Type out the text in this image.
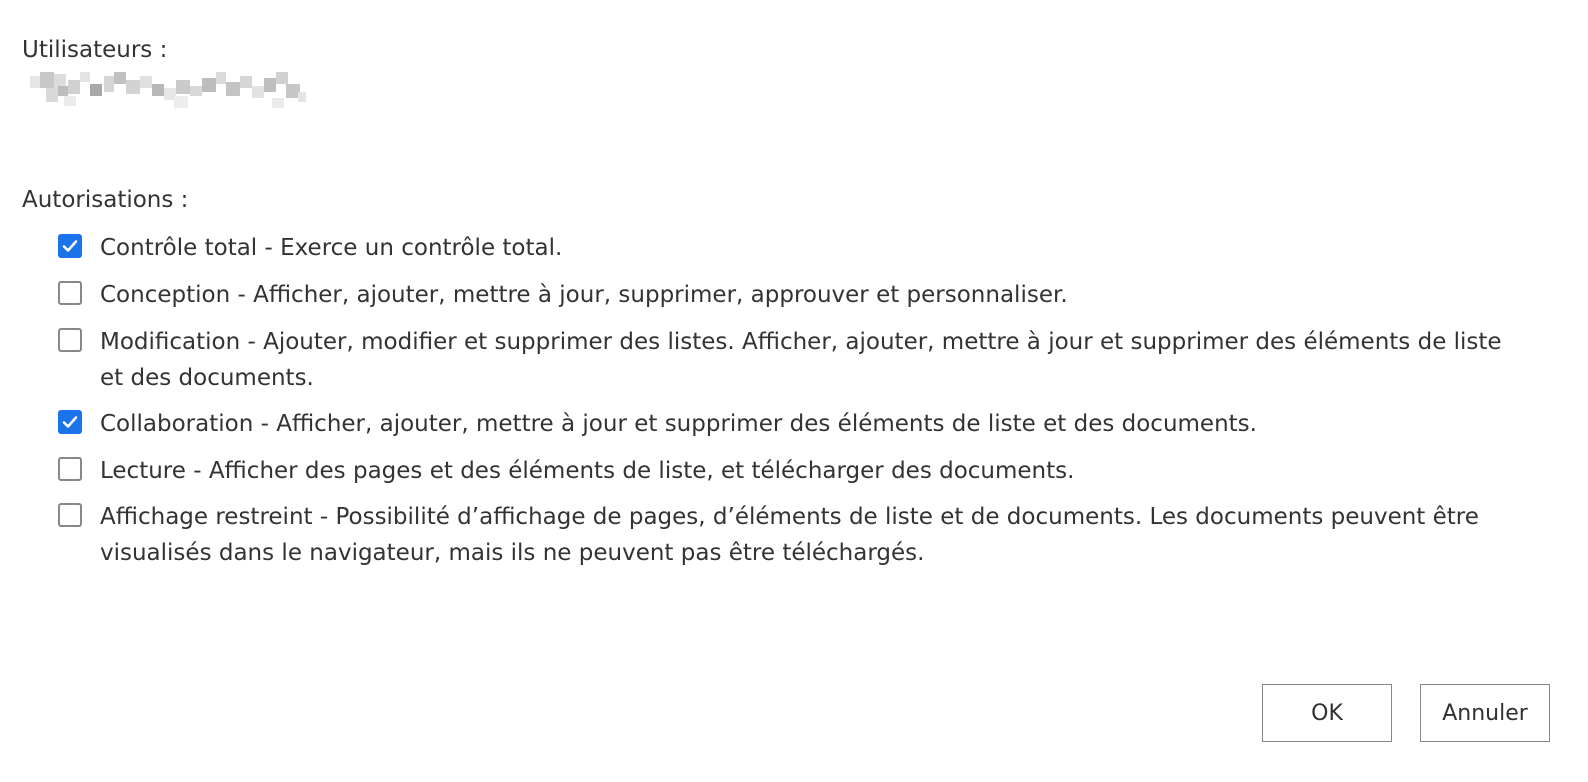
Utilisateurs :
Autorisations :
Contrôle total - Exerce un contrôle total.
Conception - Afficher, ajouter, mettre à jour, supprimer, approuver et personnaliser.
Modification - Ajouter, modifier et supprimer des listes. Afficher, ajouter, mettre à jour et supprimer des éléments de liste et des documents.
Collaboration - Afficher, ajouter, mettre à jour et supprimer des éléments de liste et des documents.
Lecture - Afficher des pages et des éléments de liste, et télécharger des documents.
Affichage restreint - Possibilité d’affichage de pages, d’éléments de liste et de documents. Les documents peuvent être visualisés dans le navigateur, mais ils ne peuvent pas être téléchargés.
OK	Annuler
